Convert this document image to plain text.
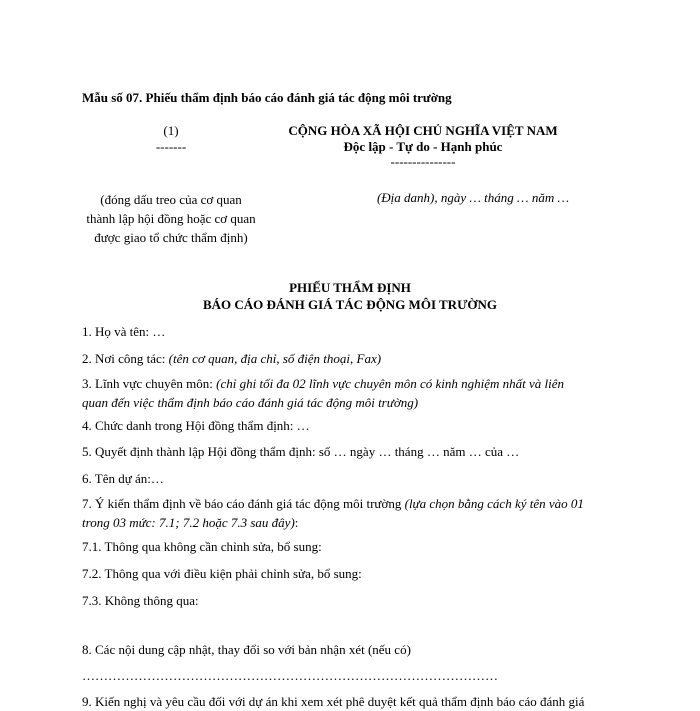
Mẫu số 07. Phiếu thẩm định báo cáo đánh giá tác động môi trường
(1)
-------
(đóng dấu treo của cơ quan
thành lập hội đồng hoặc cơ quan
được giao tổ chức thẩm định)
CỘNG HÒA XÃ HỘI CHỦ NGHĨA VIỆT NAM
Độc lập - Tự do - Hạnh phúc
---------------
(Địa danh), ngày … tháng … năm …
PHIẾU THẨM ĐỊNH
BÁO CÁO ĐÁNH GIÁ TÁC ĐỘNG MÔI TRƯỜNG
1. Họ và tên: …
2. Nơi công tác: (tên cơ quan, địa chỉ, số điện thoại, Fax)
3. Lĩnh vực chuyên môn: (chỉ ghi tối đa 02 lĩnh vực chuyên môn có kinh nghiệm nhất và liên
quan đến việc thẩm định báo cáo đánh giá tác động môi trường)
4. Chức danh trong Hội đồng thẩm định: …
5. Quyết định thành lập Hội đồng thẩm định: số … ngày … tháng … năm … của …
6. Tên dự án:…
7. Ý kiến thẩm định về báo cáo đánh giá tác động môi trường (lựa chọn bằng cách ký tên vào 01
trong 03 mức: 7.1; 7.2 hoặc 7.3 sau đây):
7.1. Thông qua không cần chỉnh sửa, bổ sung:
7.2. Thông qua với điều kiện phải chỉnh sửa, bổ sung:
7.3. Không thông qua:
8. Các nội dung cập nhật, thay đổi so với bản nhận xét (nếu có)
……………………………………………………………………………………
9. Kiến nghị và yêu cầu đối với dự án khi xem xét phê duyệt kết quả thẩm định báo cáo đánh giá
